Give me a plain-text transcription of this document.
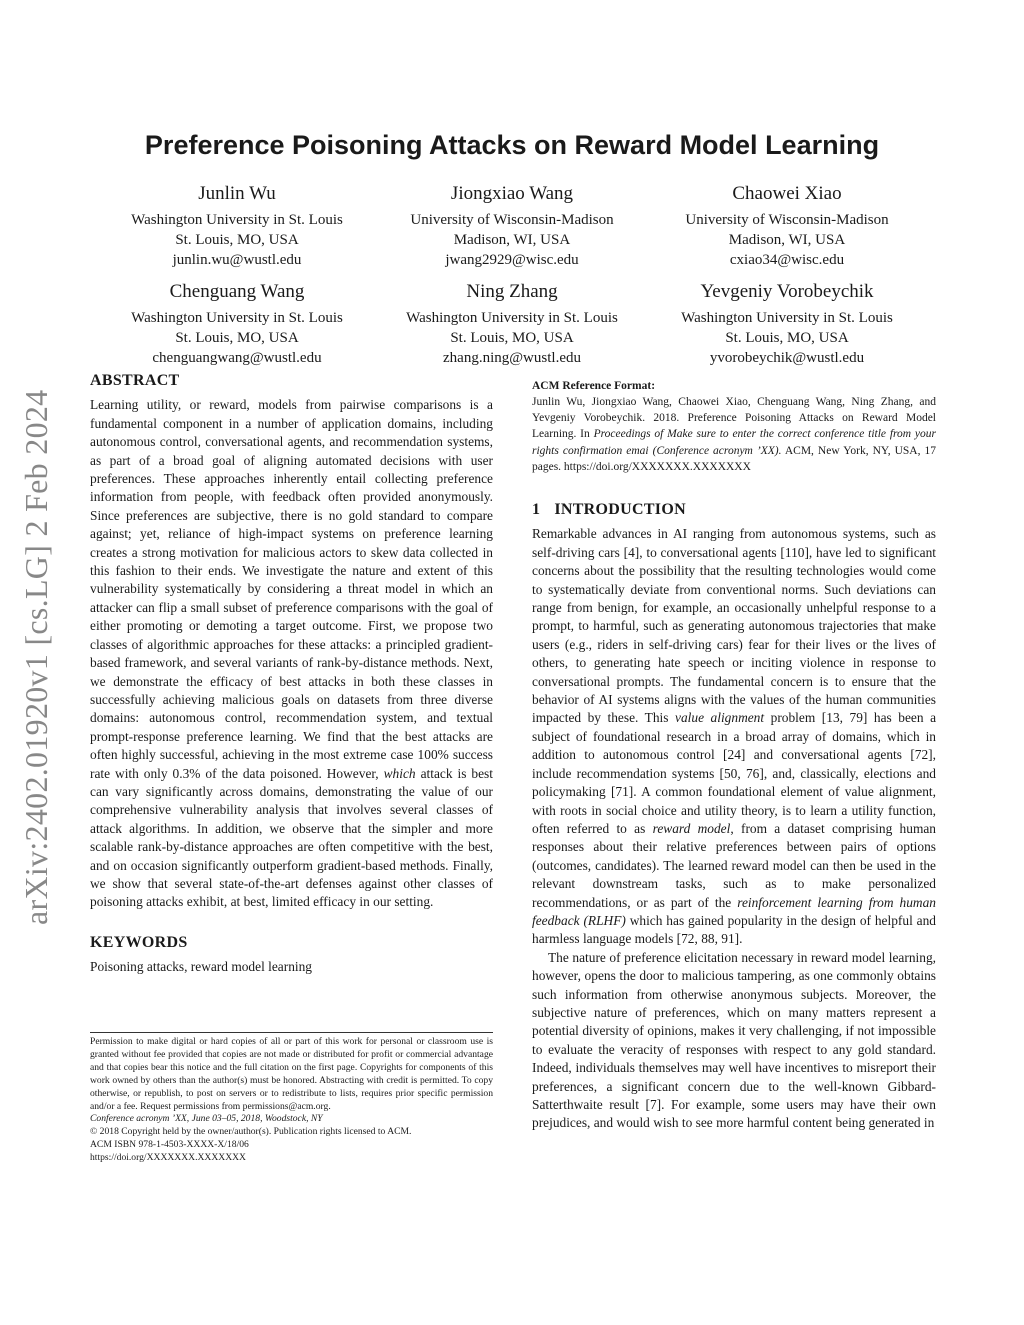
arXiv:2402.01920v1 [cs.LG] 2 Feb 2024
Preference Poisoning Attacks on Reward Model Learning
Junlin Wu
Washington University in St. Louis
St. Louis, MO, USA
junlin.wu@wustl.edu
Jiongxiao Wang
University of Wisconsin-Madison
Madison, WI, USA
jwang2929@wisc.edu
Chaowei Xiao
University of Wisconsin-Madison
Madison, WI, USA
cxiao34@wisc.edu
Chenguang Wang
Washington University in St. Louis
St. Louis, MO, USA
chenguangwang@wustl.edu
Ning Zhang
Washington University in St. Louis
St. Louis, MO, USA
zhang.ning@wustl.edu
Yevgeniy Vorobeychik
Washington University in St. Louis
St. Louis, MO, USA
yvorobeychik@wustl.edu
ABSTRACT

Learning utility, or reward, models from pairwise comparisons is a fundamental component in a number of application domains, including autonomous control, conversational agents, and recommendation systems, as part of a broad goal of aligning automated decisions with user preferences. These approaches inherently entail collecting preference information from people, with feedback often provided anonymously. Since preferences are subjective, there is no gold standard to compare against; yet, reliance of high-impact systems on preference learning creates a strong motivation for malicious actors to skew data collected in this fashion to their ends. We investigate the nature and extent of this vulnerability systematically by considering a threat model in which an attacker can flip a small subset of preference comparisons with the goal of either promoting or demoting a target outcome. First, we propose two classes of algorithmic approaches for these attacks: a principled gradient-based framework, and several variants of rank-by-distance methods. Next, we demonstrate the efficacy of best attacks in both these classes in successfully achieving malicious goals on datasets from three diverse domains: autonomous control, recommendation system, and textual prompt-response preference learning. We find that the best attacks are often highly successful, achieving in the most extreme case 100% success rate with only 0.3% of the data poisoned. However, which attack is best can vary significantly across domains, demonstrating the value of our comprehensive vulnerability analysis that involves several classes of attack algorithms. In addition, we observe that the simpler and more scalable rank-by-distance approaches are often competitive with the best, and on occasion significantly outperform gradient-based methods. Finally, we show that several state-of-the-art defenses against other classes of poisoning attacks exhibit, at best, limited efficacy in our setting.

KEYWORDS

Poisoning attacks, reward model learning

Permission to make digital or hard copies of all or part of this work for personal or classroom use is granted without fee provided that copies are not made or distributed for profit or commercial advantage and that copies bear this notice and the full citation on the first page. Copyrights for components of this work owned by others than the author(s) must be honored. Abstracting with credit is permitted. To copy otherwise, or republish, to post on servers or to redistribute to lists, requires prior specific permission and/or a fee. Request permissions from permissions@acm.org.

Conference acronym ’XX, June 03–05, 2018, Woodstock, NY

© 2018 Copyright held by the owner/author(s). Publication rights licensed to ACM.

ACM ISBN 978-1-4503-XXXX-X/18/06

https://doi.org/XXXXXXX.XXXXXXX

ACM Reference Format:

Junlin Wu, Jiongxiao Wang, Chaowei Xiao, Chenguang Wang, Ning Zhang, and Yevgeniy Vorobeychik. 2018. Preference Poisoning Attacks on Reward Model Learning. In Proceedings of Make sure to enter the correct conference title from your rights confirmation emai (Conference acronym ’XX). ACM, New York, NY, USA, 17 pages. https://doi.org/XXXXXXX.XXXXXXX

1 INTRODUCTION

Remarkable advances in AI ranging from autonomous systems, such as self-driving cars [4], to conversational agents [110], have led to significant concerns about the possibility that the resulting technologies would come to systematically deviate from conventional norms. Such deviations can range from benign, for example, an occasionally unhelpful response to a prompt, to harmful, such as generating autonomous trajectories that make users (e.g., riders in self-driving cars) fear for their lives or the lives of others, to generating hate speech or inciting violence in response to conversational prompts. The fundamental concern is to ensure that the behavior of AI systems aligns with the values of the human communities impacted by these. This value alignment problem [13, 79] has been a subject of foundational research in a broad array of domains, which in addition to autonomous control [24] and conversational agents [72], include recommendation systems [50, 76], and, classically, elections and policymaking [71]. A common foundational element of value alignment, with roots in social choice and utility theory, is to learn a utility function, often referred to as reward model, from a dataset comprising human responses about their relative preferences between pairs of options (outcomes, candidates). The learned reward model can then be used in the relevant downstream tasks, such as to make personalized recommendations, or as part of the reinforcement learning from human feedback (RLHF) which has gained popularity in the design of helpful and harmless language models [72, 88, 91].

The nature of preference elicitation necessary in reward model learning, however, opens the door to malicious tampering, as one commonly obtains such information from otherwise anonymous subjects. Moreover, the subjective nature of preferences, which on many matters represent a potential diversity of opinions, makes it very challenging, if not impossible to evaluate the veracity of responses with respect to any gold standard. Indeed, individuals themselves may well have incentives to misreport their preferences, a significant concern due to the well-known Gibbard-Satterthwaite result [7]. For example, some users may have their own prejudices, and would wish to see more harmful content being generated in
